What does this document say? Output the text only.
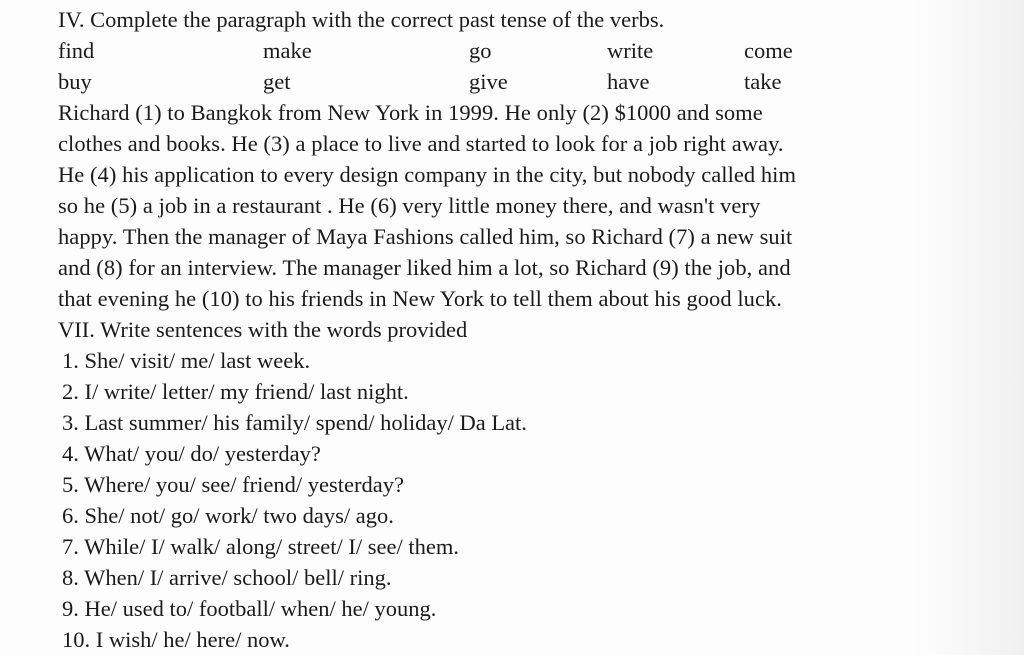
IV. Complete the paragraph with the correct past tense of the verbs.
find	make	go	write	come
buy	get	give	have	take
Richard (1) to Bangkok from New York in 1999. He only (2) $1000 and some
clothes and books. He (3) a place to live and started to look for a job right away.
He (4) his application to every design company in the city, but nobody called him
so he (5) a job in a restaurant . He (6) very little money there, and wasn't very
happy. Then the manager of Maya Fashions called him, so Richard (7) a new suit
and (8) for an interview. The manager liked him a lot, so Richard (9) the job, and
that evening he (10) to his friends in New York to tell them about his good luck.
VII. Write sentences with the words provided
1. She/ visit/ me/ last week.
2. I/ write/ letter/ my friend/ last night.
3. Last summer/ his family/ spend/ holiday/ Da Lat.
4. What/ you/ do/ yesterday?
5. Where/ you/ see/ friend/ yesterday?
6. She/ not/ go/ work/ two days/ ago.
7. While/ I/ walk/ along/ street/ I/ see/ them.
8. When/ I/ arrive/ school/ bell/ ring.
9. He/ used to/ football/ when/ he/ young.
10. I wish/ he/ here/ now.
